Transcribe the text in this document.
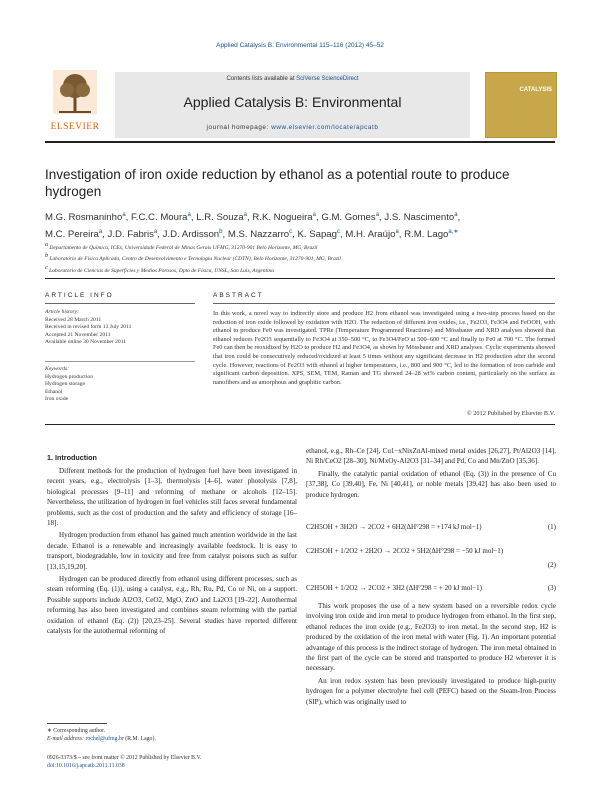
Applied Catalysis B: Environmental 115–116 (2012) 45–52
ELSEVIER
Contents lists available at SciVerse ScienceDirect
Applied Catalysis B: Environmental
journal homepage: www.elsevier.com/locate/apcatb
CATALYSIS
Investigation of iron oxide reduction by ethanol as a potential route to produce hydrogen
M.G. Rosmaninho$^a$, F.C.C. Moura$^a$, L.R. Souza$^a$, R.K. Nogueira$^a$, G.M. Gomes$^a$, J.S. Nascimento$^a$,
M.C. Pereira$^a$, J.D. Fabris$^a$, J.D. Ardisson$^b$, M.S. Nazzarro$^c$, K. Sapag$^c$, M.H. Araújo$^a$, R.M. Lago$^{a,∗}$
$^a$ Departamento de Química, ICEx, Universidade Federal de Minas Gerais UFMG, 31270-901 Belo Horizonte, MG, Brazil
$^b$ Laboratório de Física Aplicada, Centro de Desenvolvimento e Tecnologia Nuclear (CDTN), Belo Horizonte, 31270-901, MG, Brazil
$^c$ Laboratorio de Ciencias de Superficies y Medios Porosos, Dpto de Física, UNSL, San Luis, Argentina
ARTICLE INFO	ABSTRACT
Article history:
Received 28 March 2011
Received in revised form 13 July 2011
Accepted 21 November 2011
Available online 30 November 2011
Keywords:
Hydrogen production
Hydrogen storage
Ethanol
Iron oxide
In this work, a novel way to indirectly store and produce H2 from ethanol was investigated using a two-step process based on the reduction of iron oxide followed by oxidation with H2O. The reduction of different iron oxides, i.e., Fe2O3, Fe3O4 and FeOOH, with ethanol to produce Fe0 was investigated. TPRe (Temperature Programmed Reactions) and Mössbauer and XRD analyses showed that ethanol reduces Fe2O3 sequentially to Fe3O4 at 350–500 °C, to Fe3O4/FeO at 500–600 °C and finally to Fe0 at 700 °C. The formed Fe0 can then be reoxidized by H2O to produce H2 and Fe3O4, as shown by Mössbauer and XRD analyses. Cyclic experiments showed that iron could be consecutively reduced/oxidized at least 5 times without any significant decrease in H2 production after the second cycle. However, reactions of Fe2O3 with ethanol at higher temperatures, i.e., 800 and 900 °C, led to the formation of iron carbide and significant carbon deposition. XPS, SEM, TEM, Raman and TG showed 24–28 wt% carbon content, particularly on the surface as nanofibers and as amorphous and graphitic carbon.
© 2012 Published by Elsevier B.V.
1. Introduction

Different methods for the production of hydrogen fuel have been investigated in recent years, e.g., electrolysis [1–3], thermolysis [4–6], water photolysis [7,8], biological processes [9–11] and reforming of methane or alcohols [12–15]. Nevertheless, the utilization of hydrogen in fuel vehicles still faces several fundamental problems, such as the cost of production and the safety and efficiency of storage [16–18].

Hydrogen production from ethanol has gained much attention worldwide in the last decade. Ethanol is a renewable and increasingly available feedstock. It is easy to transport, biodegradable, low in toxicity and free from catalyst poisons such as sulfur [13,15,19,20].

Hydrogen can be produced directly from ethanol using different processes, such as steam reforming (Eq. (1)), using a catalyst, e.g., Rh, Ru, Pd, Co or Ni, on a support. Possible supports include Al2O3, CeO2, MgO, ZnO and La2O3 [19–22]. Autothermal reforming has also been investigated and combines steam reforming with the partial oxidation of ethanol (Eq. (2)) [20,23–25]. Several studies have reported different catalysts for the autothermal reforming of

ethanol, e.g., Rh–Ce [24], Cu1−xNixZnAl-mixed metal oxides [26,27], Pt/Al2O3 [14], Ni Rh/CeO2 [28–30], Ni/MxOy-Al2O3 [31–34] and Pd, Co and Mn/ZnO [35,36].

Finally, the catalytic partial oxidation of ethanol (Eq. (3)) in the presence of Cu [37,38], Co [39,40], Fe, Ni [40,41], or noble metals [39,42] has also been used to produce hydrogen.

C2H5OH + 3H2O → 2CO2 + 6H2(ΔH°298 = +174 kJ mol−1)	(1)
C2H5OH + 1/2O2 + 2H2O → 2CO2 + 5H2(ΔH°298 = −50 kJ mol−1)
(2)
C2H5OH + 1/2O2 → 2CO2 + 3H2 (ΔH°298 = + 20 kJ mol−1)	(3)

This work proposes the use of a new system based on a reversible redox cycle involving iron oxide and iron metal to produce hydrogen from ethanol. In the first step, ethanol reduces the iron oxide (e.g., Fe2O3) to iron metal. In the second step, H2 is produced by the oxidation of the iron metal with water (Fig. 1). An important potential advantage of this process is the indirect storage of hydrogen. The iron metal obtained in the first part of the cycle can be stored and transported to produce H2 wherever it is necessary.

An iron redox system has been previously investigated to produce high-purity hydrogen for a polymer electrolyte fuel cell (PEFC) based on the Steam-Iron Process (SIP), which was originally used to

∗ Corresponding author.
E-mail address: rochel@ufmg.br (R.M. Lago).
0926-3373/$ – see front matter © 2012 Published by Elsevier B.V.
doi:10.1016/j.apcatb.2011.11.038
